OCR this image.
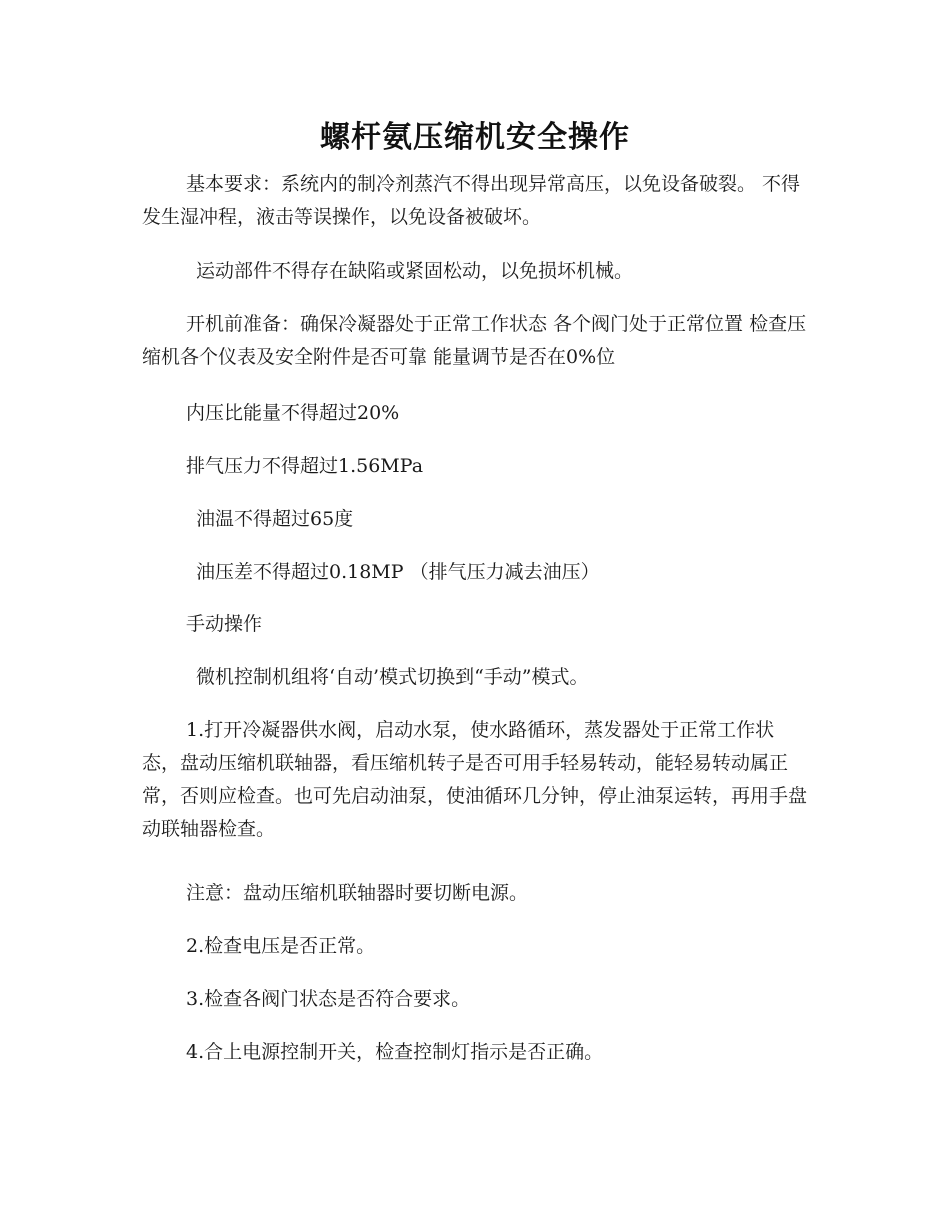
螺杆氨压缩机安全操作

基本要求：系统内的制冷剂蒸汽不得出现异常高压，以免设备破裂。 不得发生湿冲程，液击等误操作，以免设备被破坏。

运动部件不得存在缺陷或紧固松动，以免损坏机械。

开机前准备：确保冷凝器处于正常工作状态 各个阀门处于正常位置 检查压缩机各个仪表及安全附件是否可靠 能量调节是否在0%位

内压比能量不得超过20%

排气压力不得超过1.56MPa

油温不得超过65度

油压差不得超过0.18MP （排气压力减去油压）

手动操作

微机控制机组将‘自动’模式切换到“手动”模式。

1.打开冷凝器供水阀，启动水泵，使水路循环，蒸发器处于正常工作状态，盘动压缩机联轴器，看压缩机转子是否可用手轻易转动，能轻易转动属正常，否则应检查。也可先启动油泵，使油循环几分钟，停止油泵运转，再用手盘动联轴器检查。

注意：盘动压缩机联轴器时要切断电源。

2.检查电压是否正常。

3.检查各阀门状态是否符合要求。

4.合上电源控制开关，检查控制灯指示是否正确。
